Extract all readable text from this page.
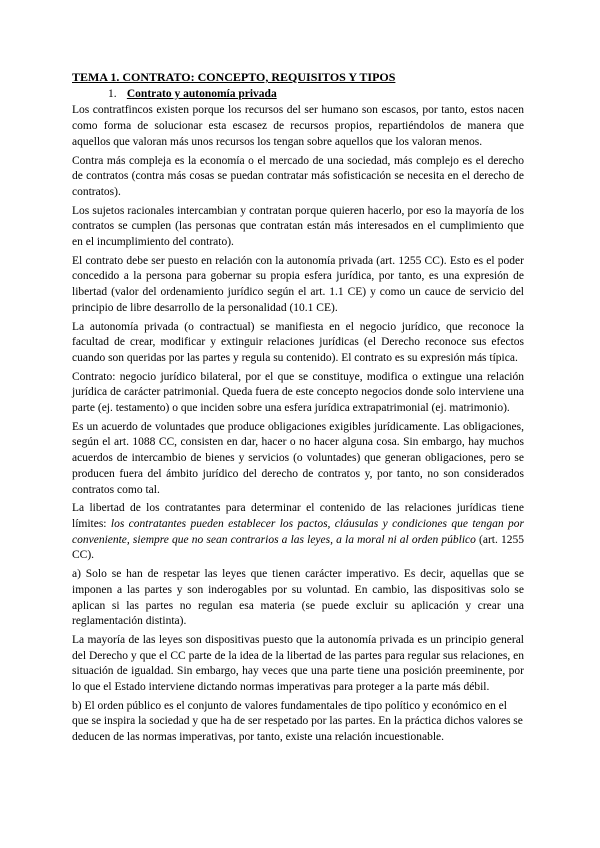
TEMA 1. CONTRATO: CONCEPTO, REQUISITOS Y TIPOS
1. Contrato y autonomía privada

Los contratfincos existen porque los recursos del ser humano son escasos, por tanto, estos nacen como forma de solucionar esta escasez de recursos propios, repartiéndolos de manera que aquellos que valoran más unos recursos los tengan sobre aquellos que los valoran menos.

Contra más compleja es la economía o el mercado de una sociedad, más complejo es el derecho de contratos (contra más cosas se puedan contratar más sofisticación se necesita en el derecho de contratos).

Los sujetos racionales intercambian y contratan porque quieren hacerlo, por eso la mayoría de los contratos se cumplen (las personas que contratan están más interesados en el cumplimiento que en el incumplimiento del contrato).

El contrato debe ser puesto en relación con la autonomía privada (art. 1255 CC). Esto es el poder concedido a la persona para gobernar su propia esfera jurídica, por tanto, es una expresión de libertad (valor del ordenamiento jurídico según el art. 1.1 CE) y como un cauce de servicio del principio de libre desarrollo de la personalidad (10.1 CE).

La autonomía privada (o contractual) se manifiesta en el negocio jurídico, que reconoce la facultad de crear, modificar y extinguir relaciones jurídicas (el Derecho reconoce sus efectos cuando son queridas por las partes y regula su contenido). El contrato es su expresión más típica.

Contrato: negocio jurídico bilateral, por el que se constituye, modifica o extingue una relación jurídica de carácter patrimonial. Queda fuera de este concepto negocios donde solo interviene una parte (ej. testamento) o que inciden sobre una esfera jurídica extrapatrimonial (ej. matrimonio).

Es un acuerdo de voluntades que produce obligaciones exigibles jurídicamente. Las obligaciones, según el art. 1088 CC, consisten en dar, hacer o no hacer alguna cosa. Sin embargo, hay muchos acuerdos de intercambio de bienes y servicios (o voluntades) que generan obligaciones, pero se producen fuera del ámbito jurídico del derecho de contratos y, por tanto, no son considerados contratos como tal.

La libertad de los contratantes para determinar el contenido de las relaciones jurídicas tiene límites: los contratantes pueden establecer los pactos, cláusulas y condiciones que tengan por conveniente, siempre que no sean contrarios a las leyes, a la moral ni al orden público (art. 1255 CC).

a) Solo se han de respetar las leyes que tienen carácter imperativo. Es decir, aquellas que se imponen a las partes y son inderogables por su voluntad. En cambio, las dispositivas solo se aplican si las partes no regulan esa materia (se puede excluir su aplicación y crear una reglamentación distinta).

La mayoría de las leyes son dispositivas puesto que la autonomía privada es un principio general del Derecho y que el CC parte de la idea de la libertad de las partes para regular sus relaciones, en situación de igualdad. Sin embargo, hay veces que una parte tiene una posición preeminente, por lo que el Estado interviene dictando normas imperativas para proteger a la parte más débil.

b) El orden público es el conjunto de valores fundamentales de tipo político y económico en el que se inspira la sociedad y que ha de ser respetado por las partes. En la práctica dichos valores se deducen de las normas imperativas, por tanto, existe una relación incuestionable.
